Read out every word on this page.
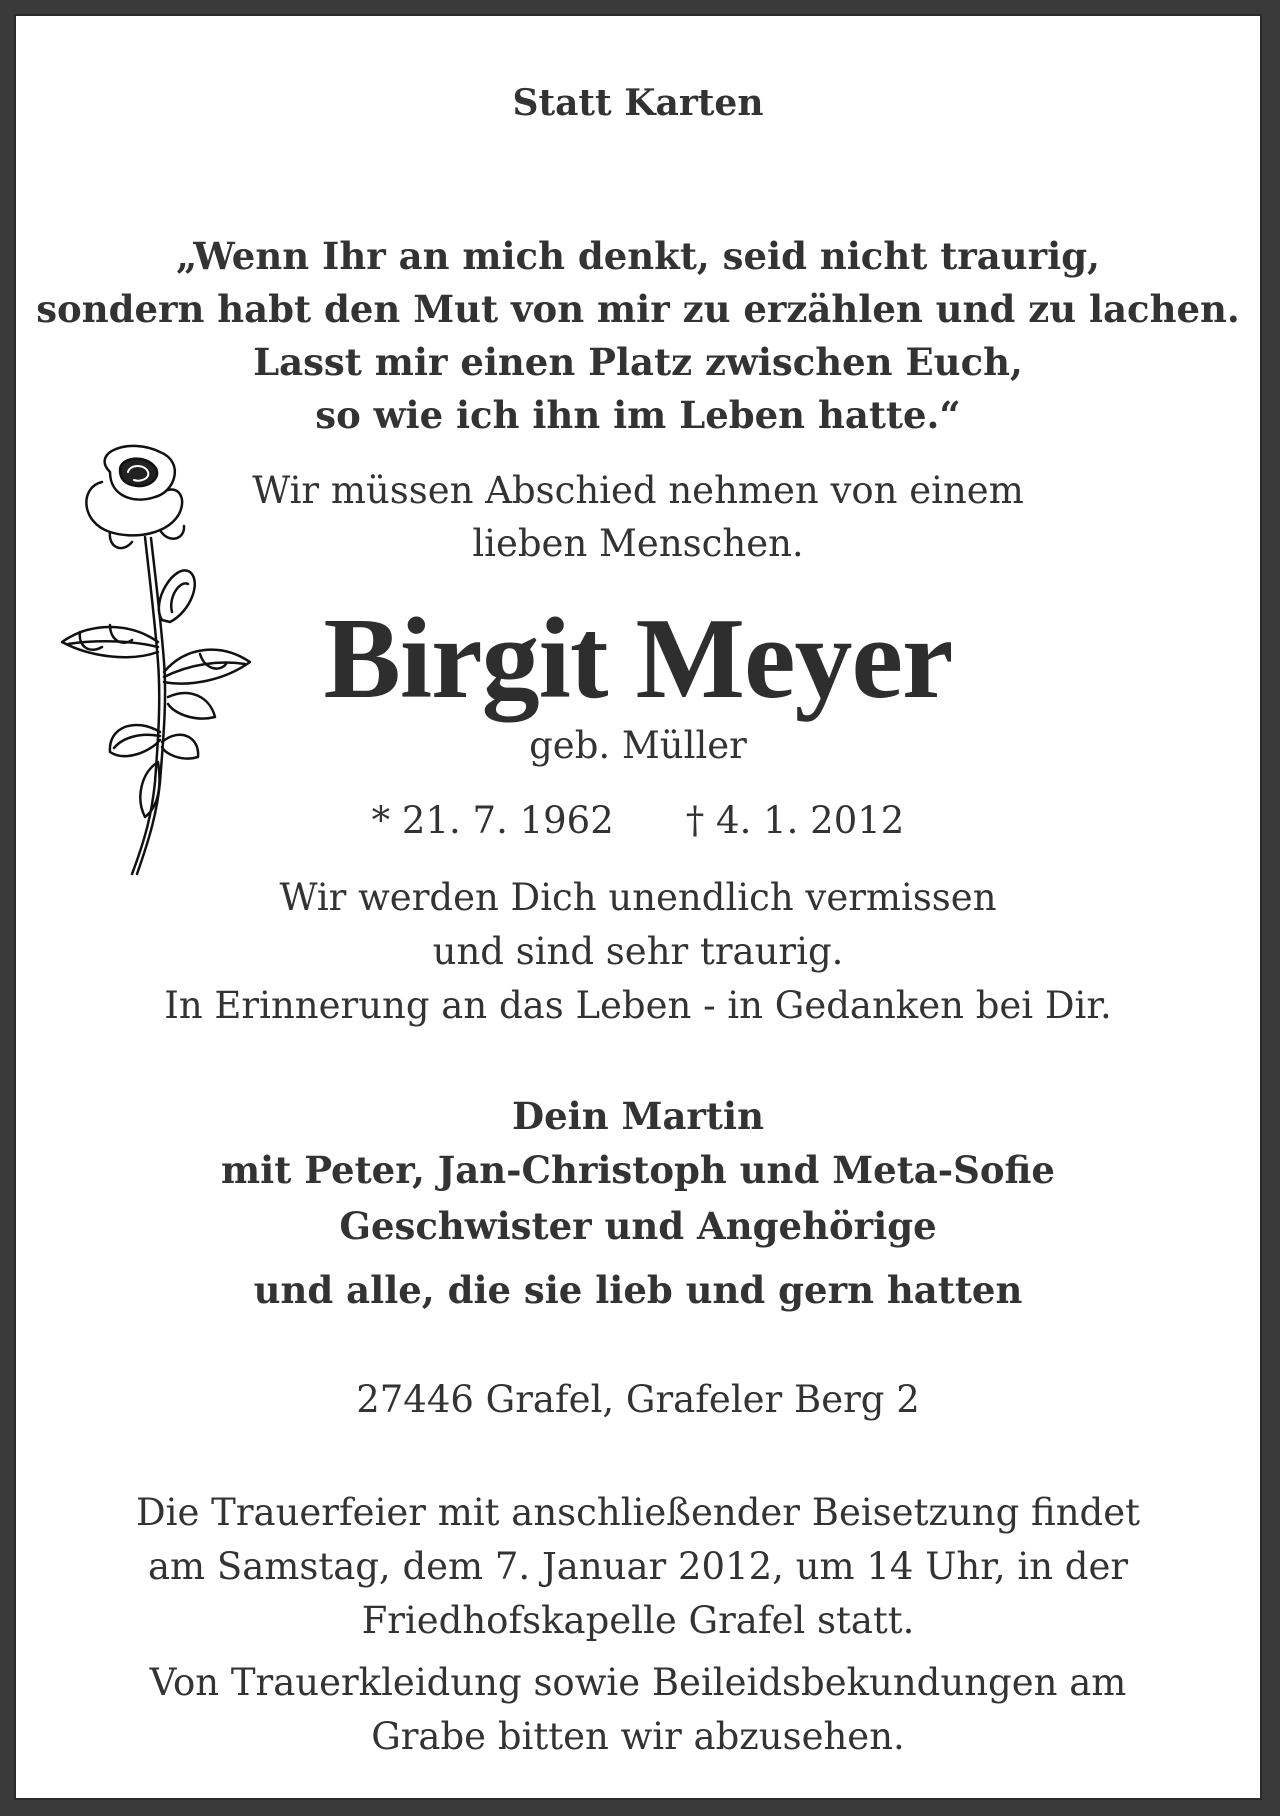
Statt Karten
„Wenn Ihr an mich denkt, seid nicht traurig,
sondern habt den Mut von mir zu erzählen und zu lachen.
Lasst mir einen Platz zwischen Euch,
so wie ich ihn im Leben hatte.“
Wir müssen Abschied nehmen von einem
lieben Menschen.
Birgit Meyer
geb. Müller
* 21. 7. 1962 † 4. 1. 2012
Wir werden Dich unendlich vermissen
und sind sehr traurig.
In Erinnerung an das Leben - in Gedanken bei Dir.
Dein Martin
mit Peter, Jan-Christoph und Meta-Sofie
Geschwister und Angehörige
und alle, die sie lieb und gern hatten
27446 Grafel, Grafeler Berg 2
Die Trauerfeier mit anschließender Beisetzung findet
am Samstag, dem 7. Januar 2012, um 14 Uhr, in der
Friedhofskapelle Grafel statt.
Von Trauerkleidung sowie Beileidsbekundungen am
Grabe bitten wir abzusehen.
